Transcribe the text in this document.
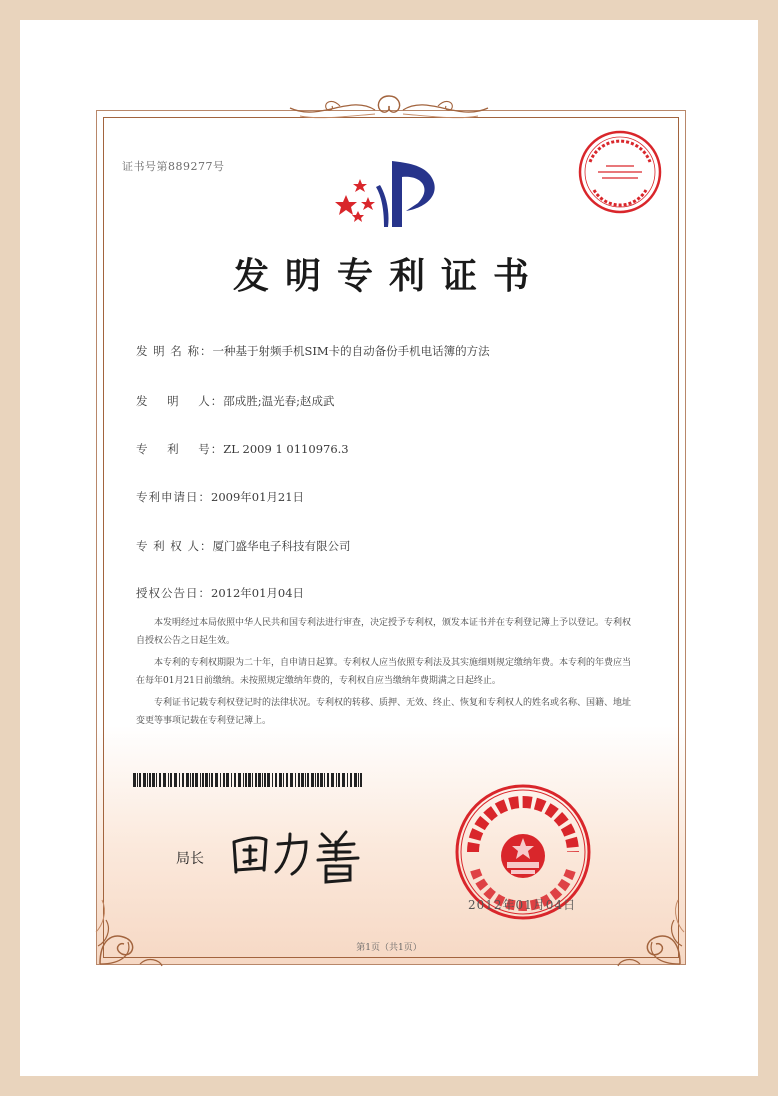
证书号第889277号
发明专利证书
发 明 名 称：一种基于射频手机SIM卡的自动备份手机电话簿的方法
发    明    人：邵成胜;温光春;赵成武
专    利    号：ZL 2009 1 0110976.3
专利申请日：2009年01月21日
专 利 权 人：厦门盛华电子科技有限公司
授权公告日：2012年01月04日

本发明经过本局依照中华人民共和国专利法进行审查，决定授予专利权，颁发本证书并在专利登记簿上予以登记。专利权自授权公告之日起生效。

本专利的专利权期限为二十年，自申请日起算。专利权人应当依照专利法及其实施细则规定缴纳年费。本专利的年费应当在每年01月21日前缴纳。未按照规定缴纳年费的，专利权自应当缴纳年费期满之日起终止。

专利证书记载专利权登记时的法律状况。专利权的转移、质押、无效、终止、恢复和专利权人的姓名或名称、国籍、地址变更等事项记载在专利登记簿上。

局长
2012年01月04日
第1页（共1页）
